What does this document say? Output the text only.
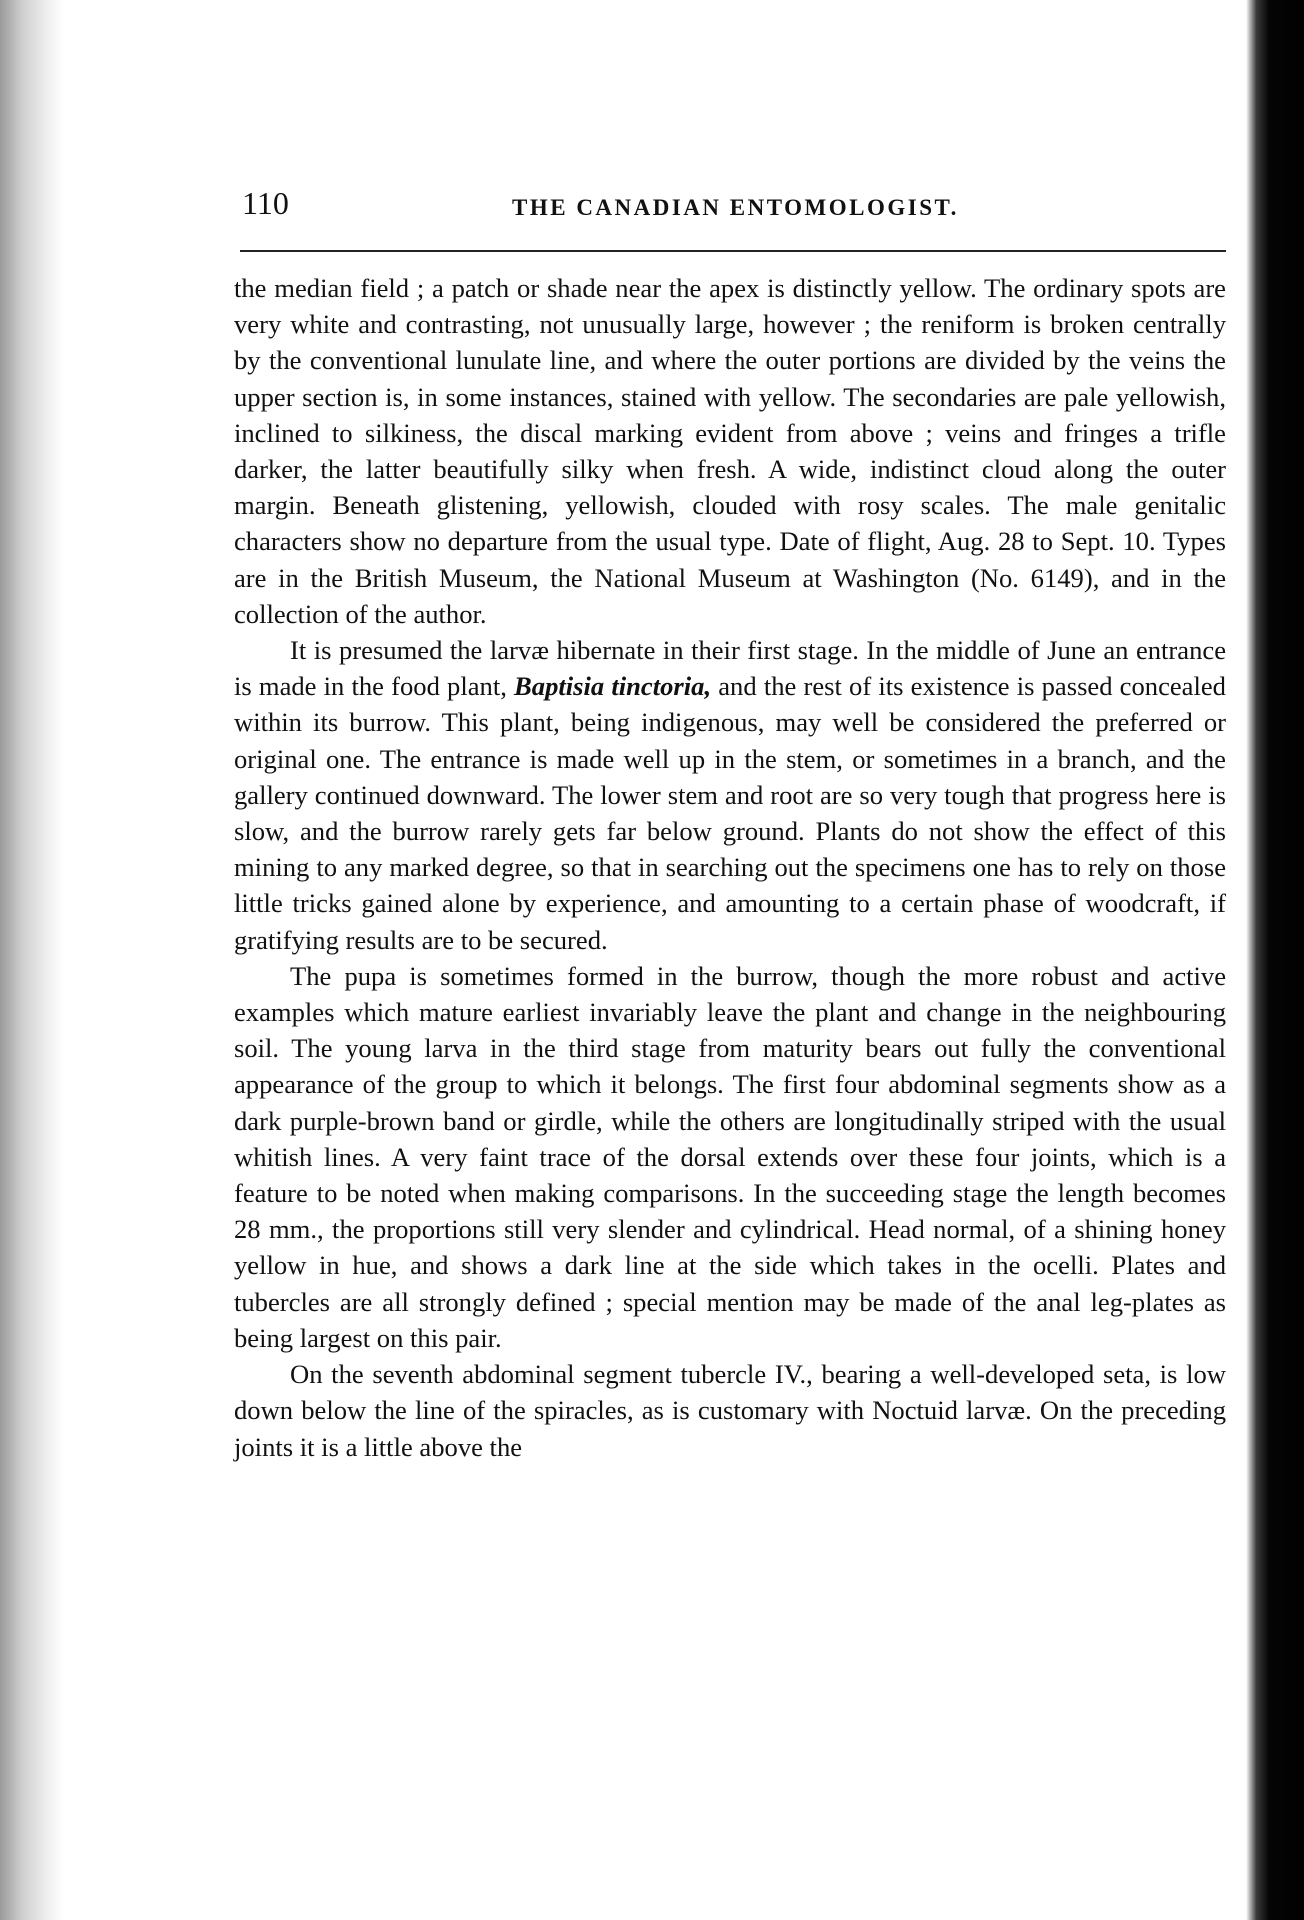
110	THE CANADIAN ENTOMOLOGIST.

the median field ; a patch or shade near the apex is distinctly yellow. The ordinary spots are very white and contrasting, not unusually large, however ; the reniform is broken centrally by the conventional lunulate line, and where the outer portions are divided by the veins the upper section is, in some instances, stained with yellow. The secondaries are pale yellowish, inclined to silkiness, the discal marking evident from above ; veins and fringes a trifle darker, the latter beautifully silky when fresh. A wide, indistinct cloud along the outer margin. Beneath glistening, yellowish, clouded with rosy scales. The male genitalic characters show no departure from the usual type. Date of flight, Aug. 28 to Sept. 10. Types are in the British Museum, the National Museum at Washington (No. 6149), and in the collection of the author.

It is presumed the larvæ hibernate in their first stage. In the middle of June an entrance is made in the food plant, Baptisia tinctoria, and the rest of its existence is passed concealed within its burrow. This plant, being indigenous, may well be considered the preferred or original one. The entrance is made well up in the stem, or sometimes in a branch, and the gallery continued downward. The lower stem and root are so very tough that progress here is slow, and the burrow rarely gets far below ground. Plants do not show the effect of this mining to any marked degree, so that in searching out the specimens one has to rely on those little tricks gained alone by experience, and amounting to a certain phase of woodcraft, if gratifying results are to be secured.

The pupa is sometimes formed in the burrow, though the more robust and active examples which mature earliest invariably leave the plant and change in the neighbouring soil. The young larva in the third stage from maturity bears out fully the conventional appearance of the group to which it belongs. The first four abdominal segments show as a dark purple-brown band or girdle, while the others are longitudinally striped with the usual whitish lines. A very faint trace of the dorsal extends over these four joints, which is a feature to be noted when making comparisons. In the succeeding stage the length becomes 28 mm., the proportions still very slender and cylindrical. Head normal, of a shining honey yellow in hue, and shows a dark line at the side which takes in the ocelli. Plates and tubercles are all strongly defined ; special mention may be made of the anal leg-plates as being largest on this pair.

On the seventh abdominal segment tubercle IV., bearing a well-developed seta, is low down below the line of the spiracles, as is customary with Noctuid larvæ. On the preceding joints it is a little above the
